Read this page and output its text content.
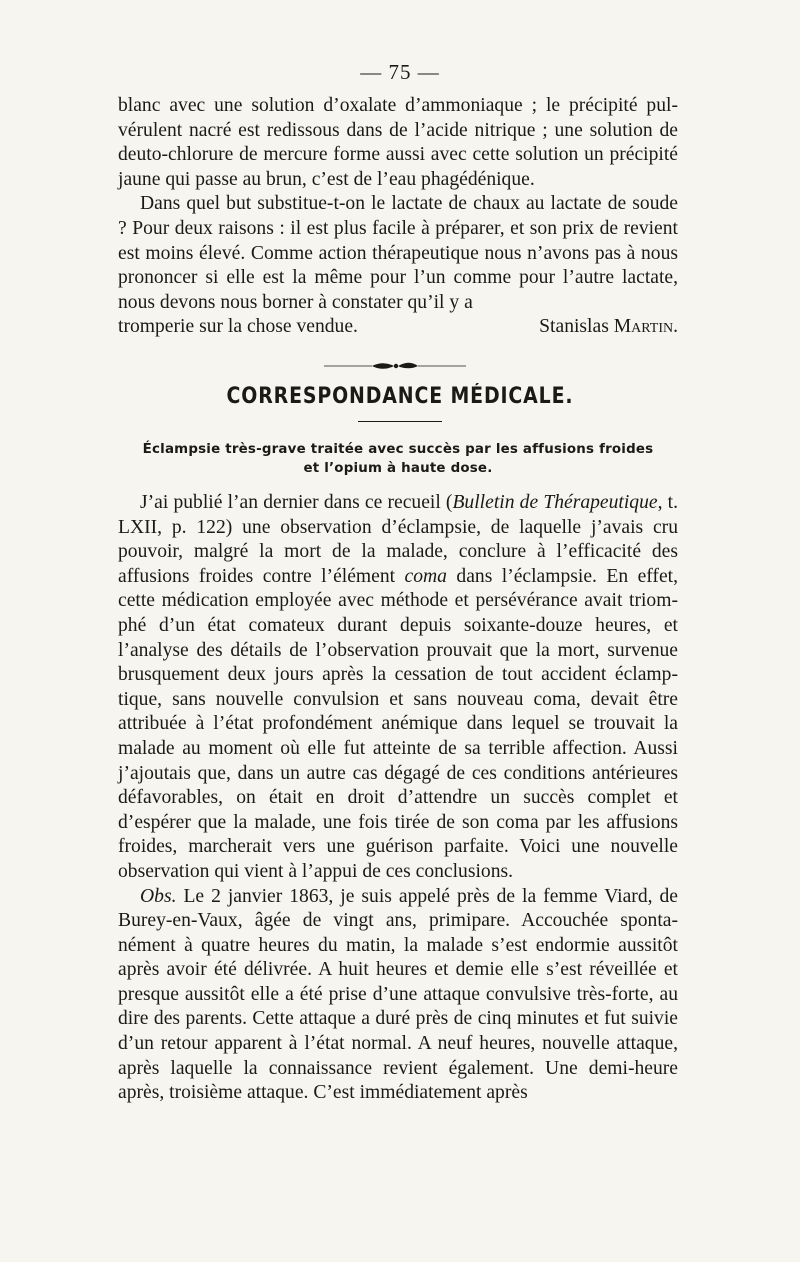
— 75 —

blanc avec une solution d’oxalate d’ammoniaque ; le précipité pulvérulent nacré est redissous dans de l’acide nitrique ; une solution de deuto-chlorure de mercure forme aussi avec cette solution un précipité jaune qui passe au brun, c’est de l’eau phagédénique.

Dans quel but substitue-t-on le lactate de chaux au lactate de soude ? Pour deux raisons : il est plus facile à préparer, et son prix de revient est moins élevé. Comme action thérapeutique nous n’avons pas à nous prononcer si elle est la même pour l’un comme pour l’autre lactate, nous devons nous borner à constater qu’il y a

tromperie sur la chose vendue.	Stanislas Martin.

CORRESPONDANCE MÉDICALE.
Éclampsie très-grave traitée avec succès par les affusions froides
et l’opium à haute dose.

J’ai publié l’an dernier dans ce recueil (Bulletin de Thérapeutique, t. LXII, p. 122) une observation d’éclampsie, de laquelle j’avais cru pouvoir, malgré la mort de la malade, conclure à l’efficacité des affusions froides contre l’élément coma dans l’éclampsie. En effet, cette médication employée avec méthode et persévérance avait triomphé d’un état comateux durant depuis soixante-douze heures, et l’analyse des détails de l’observation prouvait que la mort, survenue brusquement deux jours après la cessation de tout accident éclamptique, sans nouvelle convulsion et sans nouveau coma, devait être attribuée à l’état profondément anémique dans lequel se trouvait la malade au moment où elle fut atteinte de sa terrible affection. Aussi j’ajoutais que, dans un autre cas dégagé de ces conditions antérieures défavorables, on était en droit d’attendre un succès complet et d’espérer que la malade, une fois tirée de son coma par les affusions froides, marcherait vers une guérison parfaite. Voici une nouvelle observation qui vient à l’appui de ces conclusions.

Obs. Le 2 janvier 1863, je suis appelé près de la femme Viard, de Burey-en-Vaux, âgée de vingt ans, primipare. Accouchée spontanément à quatre heures du matin, la malade s’est endormie aussitôt après avoir été délivrée. A huit heures et demie elle s’est réveillée et presque aussitôt elle a été prise d’une attaque convulsive très-forte, au dire des parents. Cette attaque a duré près de cinq minutes et fut suivie d’un retour apparent à l’état normal. A neuf heures, nouvelle attaque, après laquelle la connaissance revient également. Une demi-heure après, troisième attaque. C’est immédiatement après
